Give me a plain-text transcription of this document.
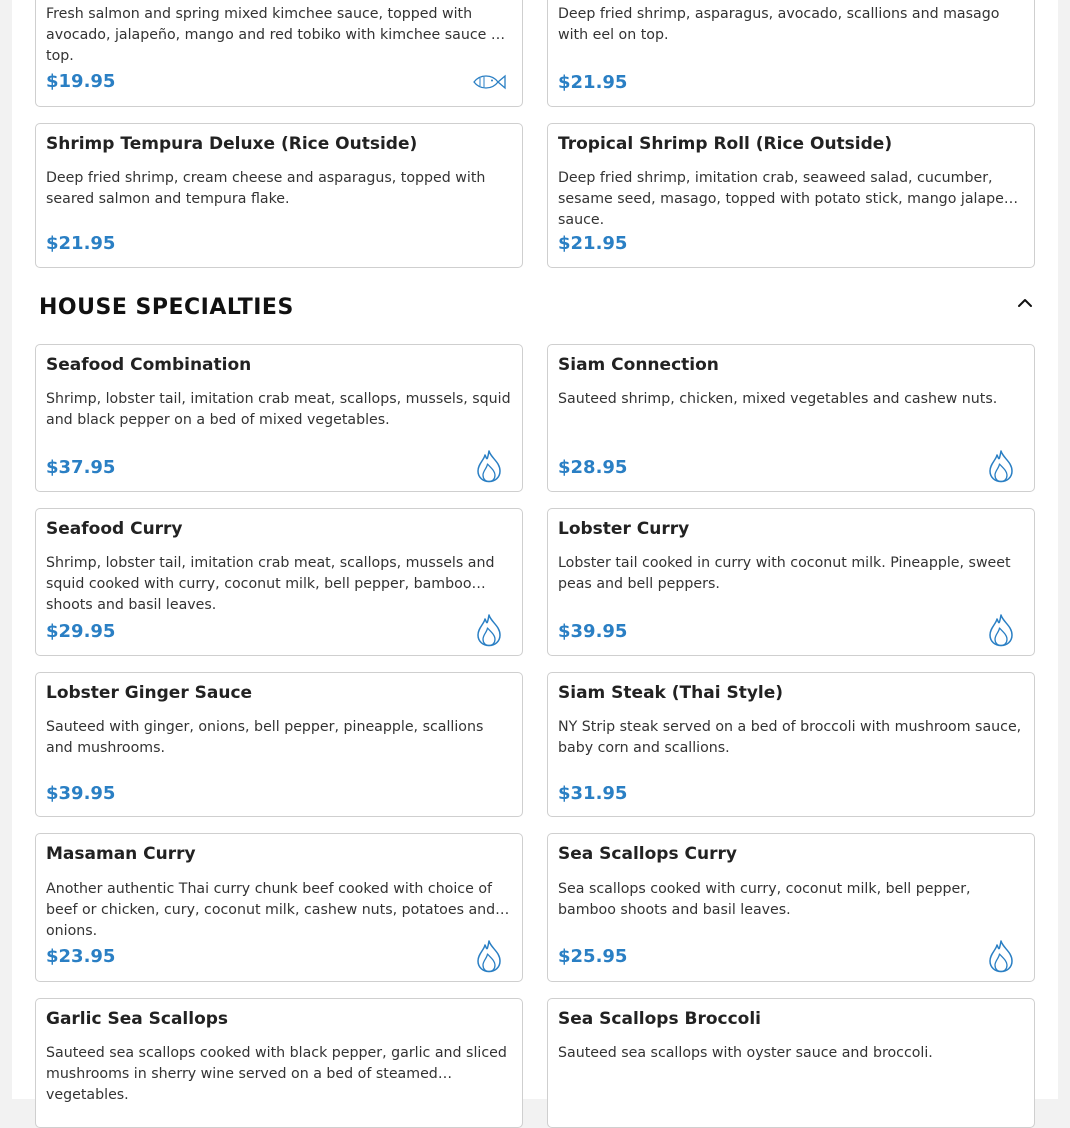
Fresh salmon and spring mixed kimchee sauce, topped with avocado, jalapeño, mango and red tobiko with kimchee sauce on top.
$19.95
Deep fried shrimp, asparagus, avocado, scallions and masago with eel on top.
$21.95
Shrimp Tempura Deluxe (Rice Outside)
Deep fried shrimp, cream cheese and asparagus, topped with seared salmon and tempura flake.
$21.95
Tropical Shrimp Roll (Rice Outside)
Deep fried shrimp, imitation crab, seaweed salad, cucumber, sesame seed, masago, topped with potato stick, mango jalapeño sauce.
$21.95
HOUSE SPECIALTIES
Seafood Combination
Shrimp, lobster tail, imitation crab meat, scallops, mussels, squid and black pepper on a bed of mixed vegetables.
$37.95
Siam Connection
Sauteed shrimp, chicken, mixed vegetables and cashew nuts.
$28.95
Seafood Curry
Shrimp, lobster tail, imitation crab meat, scallops, mussels and squid cooked with curry, coconut milk, bell pepper, bamboo shoots and basil leaves.
$29.95
Lobster Curry
Lobster tail cooked in curry with coconut milk. Pineapple, sweet peas and bell peppers.
$39.95
Lobster Ginger Sauce
Sauteed with ginger, onions, bell pepper, pineapple, scallions and mushrooms.
$39.95
Siam Steak (Thai Style)
NY Strip steak served on a bed of broccoli with mushroom sauce, baby corn and scallions.
$31.95
Masaman Curry
Another authentic Thai curry chunk beef cooked with choice of beef or chicken, cury, coconut milk, cashew nuts, potatoes and onions.
$23.95
Sea Scallops Curry
Sea scallops cooked with curry, coconut milk, bell pepper, bamboo shoots and basil leaves.
$25.95
Garlic Sea Scallops
Sauteed sea scallops cooked with black pepper, garlic and sliced mushrooms in sherry wine served on a bed of steamed vegetables.
Sea Scallops Broccoli
Sauteed sea scallops with oyster sauce and broccoli.
